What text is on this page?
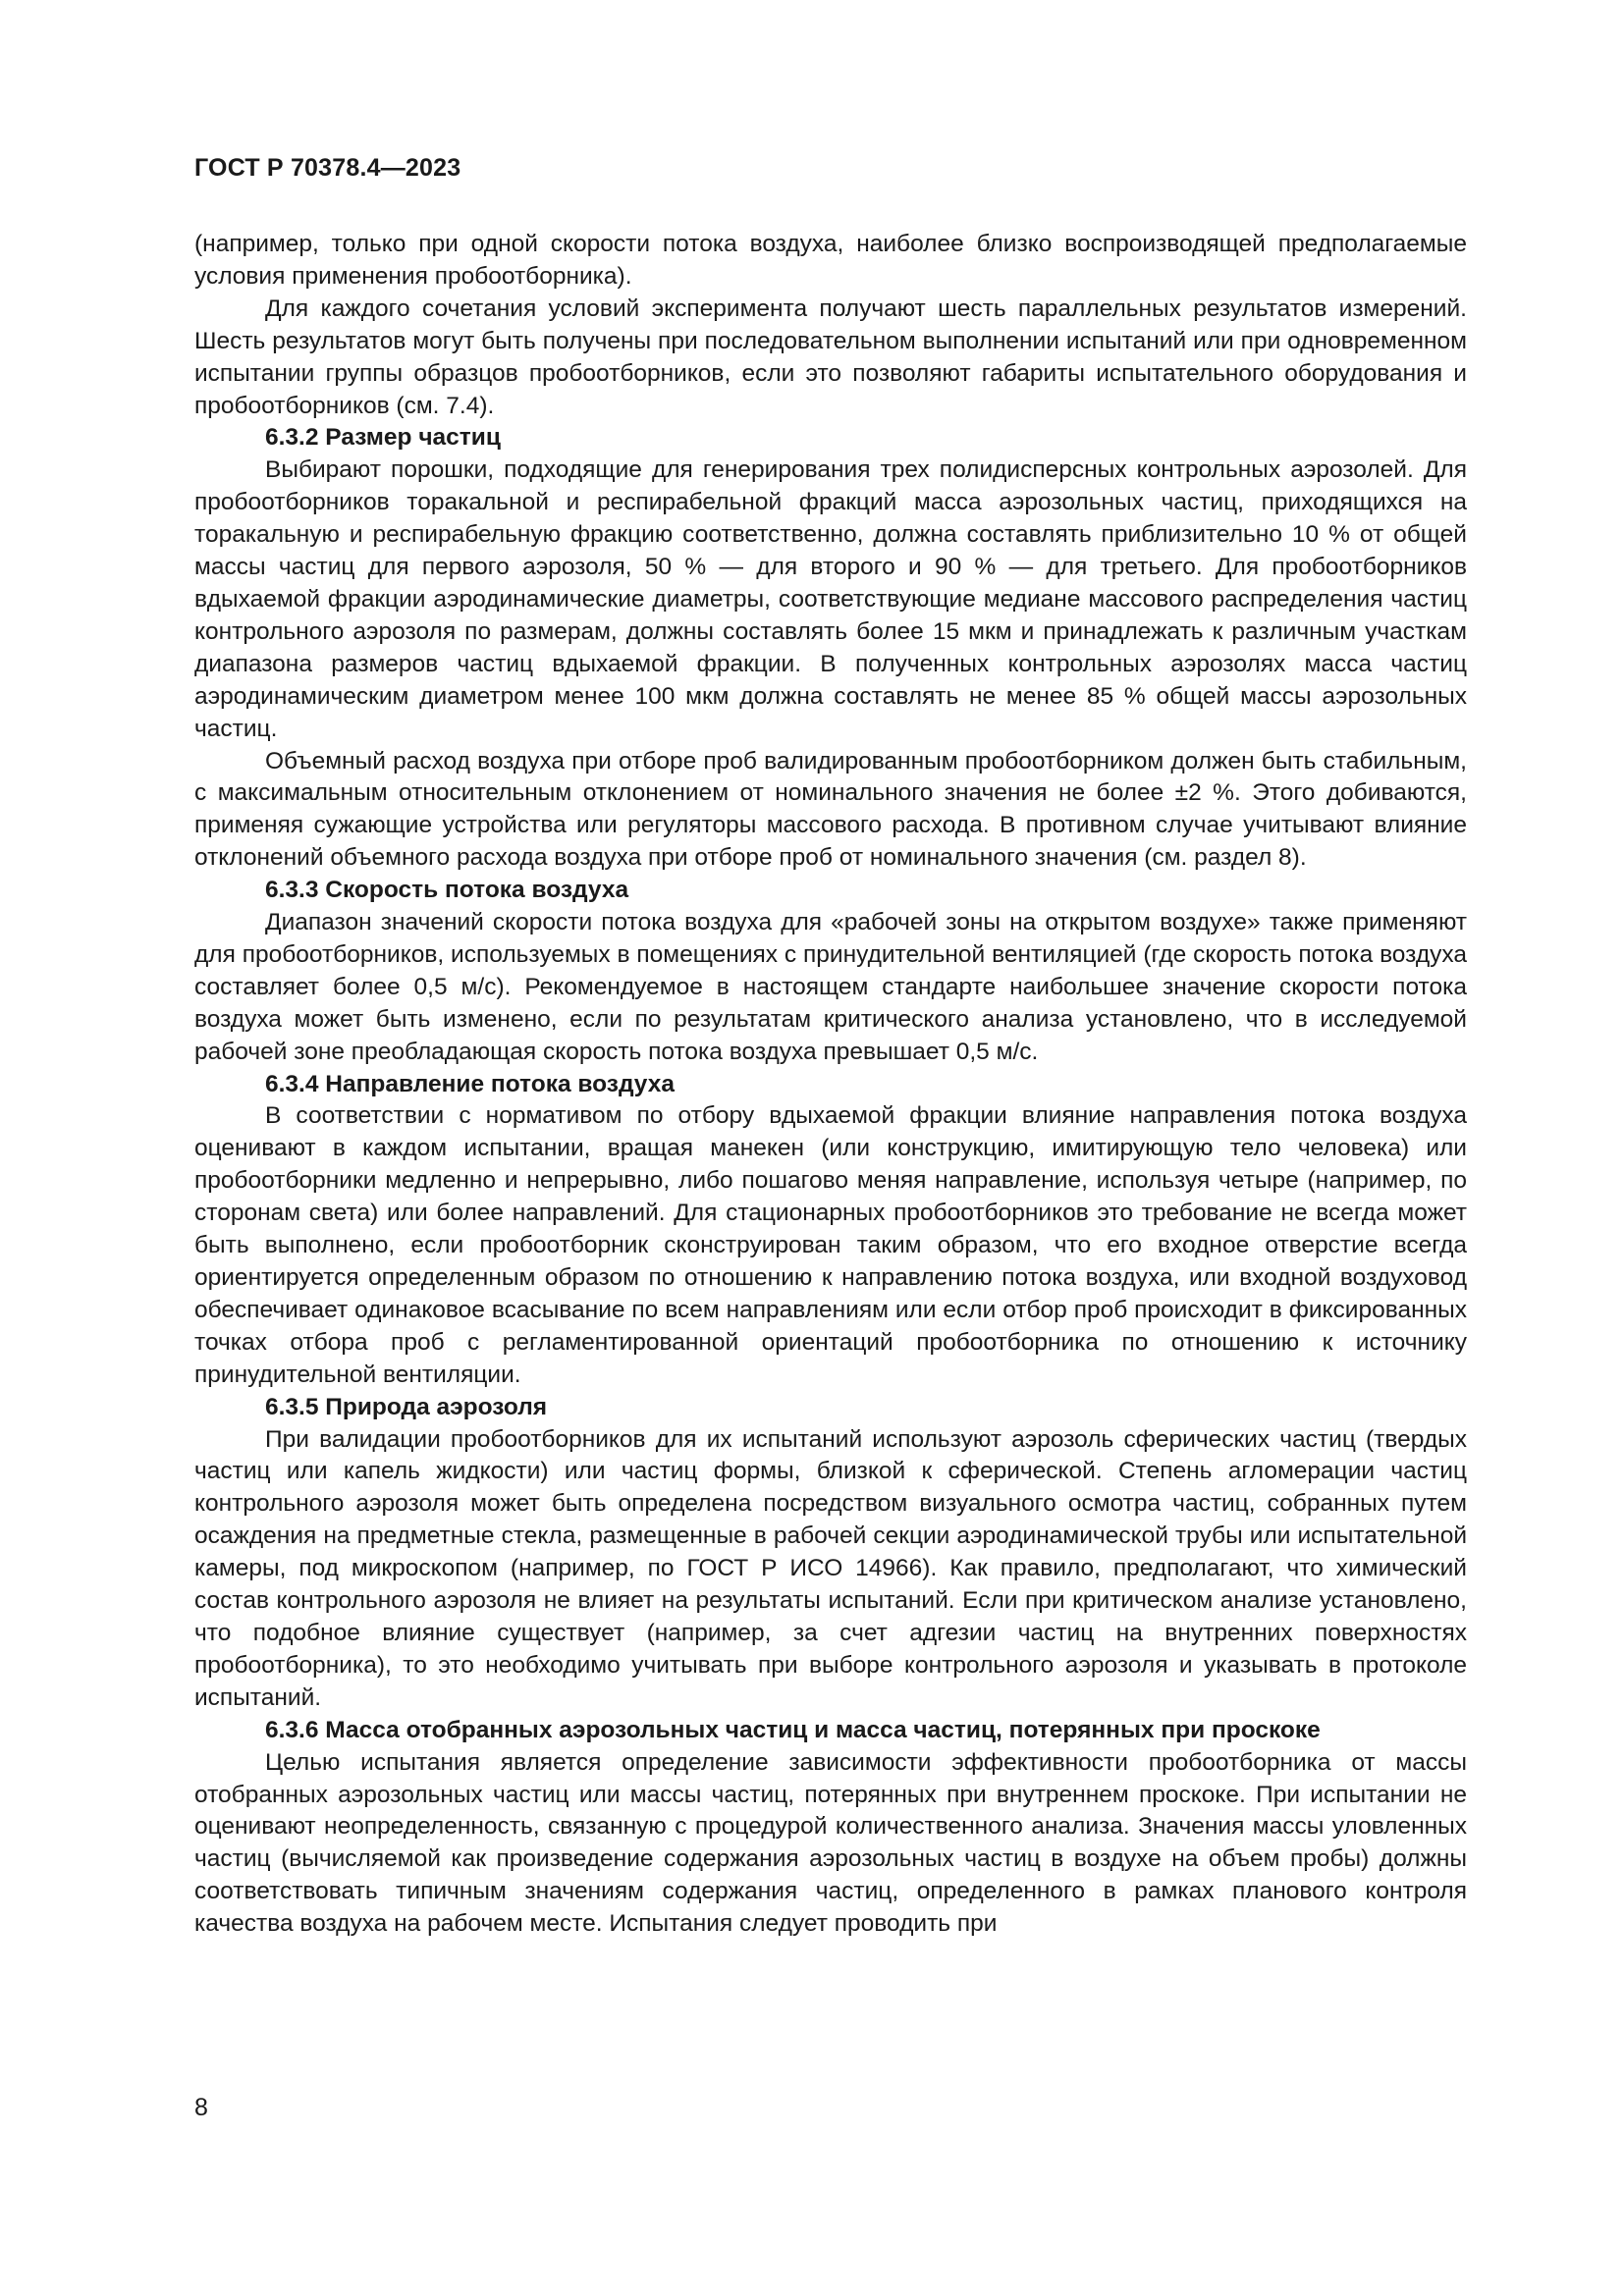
ГОСТ Р 70378.4—2023

(например, только при одной скорости потока воздуха, наиболее близко воспроизводящей предполагаемые условия применения пробоотборника).

Для каждого сочетания условий эксперимента получают шесть параллельных результатов измерений. Шесть результатов могут быть получены при последовательном выполнении испытаний или при одновременном испытании группы образцов пробоотборников, если это позволяют габариты испытательного оборудования и пробоотборников (см. 7.4).

6.3.2 Размер частиц

Выбирают порошки, подходящие для генерирования трех полидисперсных контрольных аэрозолей. Для пробоотборников торакальной и респирабельной фракций масса аэрозольных частиц, приходящихся на торакальную и респирабельную фракцию соответственно, должна составлять приблизительно 10 % от общей массы частиц для первого аэрозоля, 50 % — для второго и 90 % — для третьего. Для пробоотборников вдыхаемой фракции аэродинамические диаметры, соответствующие медиане массового распределения частиц контрольного аэрозоля по размерам, должны составлять более 15 мкм и принадлежать к различным участкам диапазона размеров частиц вдыхаемой фракции. В полученных контрольных аэрозолях масса частиц аэродинамическим диаметром менее 100 мкм должна составлять не менее 85 % общей массы аэрозольных частиц.

Объемный расход воздуха при отборе проб валидированным пробоотборником должен быть стабильным, с максимальным относительным отклонением от номинального значения не более ±2 %. Этого добиваются, применяя сужающие устройства или регуляторы массового расхода. В противном случае учитывают влияние отклонений объемного расхода воздуха при отборе проб от номинального значения (см. раздел 8).

6.3.3 Скорость потока воздуха

Диапазон значений скорости потока воздуха для «рабочей зоны на открытом воздухе» также применяют для пробоотборников, используемых в помещениях с принудительной вентиляцией (где скорость потока воздуха составляет более 0,5 м/с). Рекомендуемое в настоящем стандарте наибольшее значение скорости потока воздуха может быть изменено, если по результатам критического анализа установлено, что в исследуемой рабочей зоне преобладающая скорость потока воздуха превышает 0,5 м/с.

6.3.4 Направление потока воздуха

В соответствии с нормативом по отбору вдыхаемой фракции влияние направления потока воздуха оценивают в каждом испытании, вращая манекен (или конструкцию, имитирующую тело человека) или пробоотборники медленно и непрерывно, либо пошагово меняя направление, используя четыре (например, по сторонам света) или более направлений. Для стационарных пробоотборников это требование не всегда может быть выполнено, если пробоотборник сконструирован таким образом, что его входное отверстие всегда ориентируется определенным образом по отношению к направлению потока воздуха, или входной воздуховод обеспечивает одинаковое всасывание по всем направлениям или если отбор проб происходит в фиксированных точках отбора проб с регламентированной ориентаций пробоотборника по отношению к источнику принудительной вентиляции.

6.3.5 Природа аэрозоля

При валидации пробоотборников для их испытаний используют аэрозоль сферических частиц (твердых частиц или капель жидкости) или частиц формы, близкой к сферической. Степень агломерации частиц контрольного аэрозоля может быть определена посредством визуального осмотра частиц, собранных путем осаждения на предметные стекла, размещенные в рабочей секции аэродинамической трубы или испытательной камеры, под микроскопом (например, по ГОСТ Р ИСО 14966). Как правило, предполагают, что химический состав контрольного аэрозоля не влияет на результаты испытаний. Если при критическом анализе установлено, что подобное влияние существует (например, за счет адгезии частиц на внутренних поверхностях пробоотборника), то это необходимо учитывать при выборе контрольного аэрозоля и указывать в протоколе испытаний.

6.3.6 Масса отобранных аэрозольных частиц и масса частиц, потерянных при проскоке

Целью испытания является определение зависимости эффективности пробоотборника от массы отобранных аэрозольных частиц или массы частиц, потерянных при внутреннем проскоке. При испытании не оценивают неопределенность, связанную с процедурой количественного анализа. Значения массы уловленных частиц (вычисляемой как произведение содержания аэрозольных частиц в воздухе на объем пробы) должны соответствовать типичным значениям содержания частиц, определенного в рамках планового контроля качества воздуха на рабочем месте. Испытания следует проводить при

8
